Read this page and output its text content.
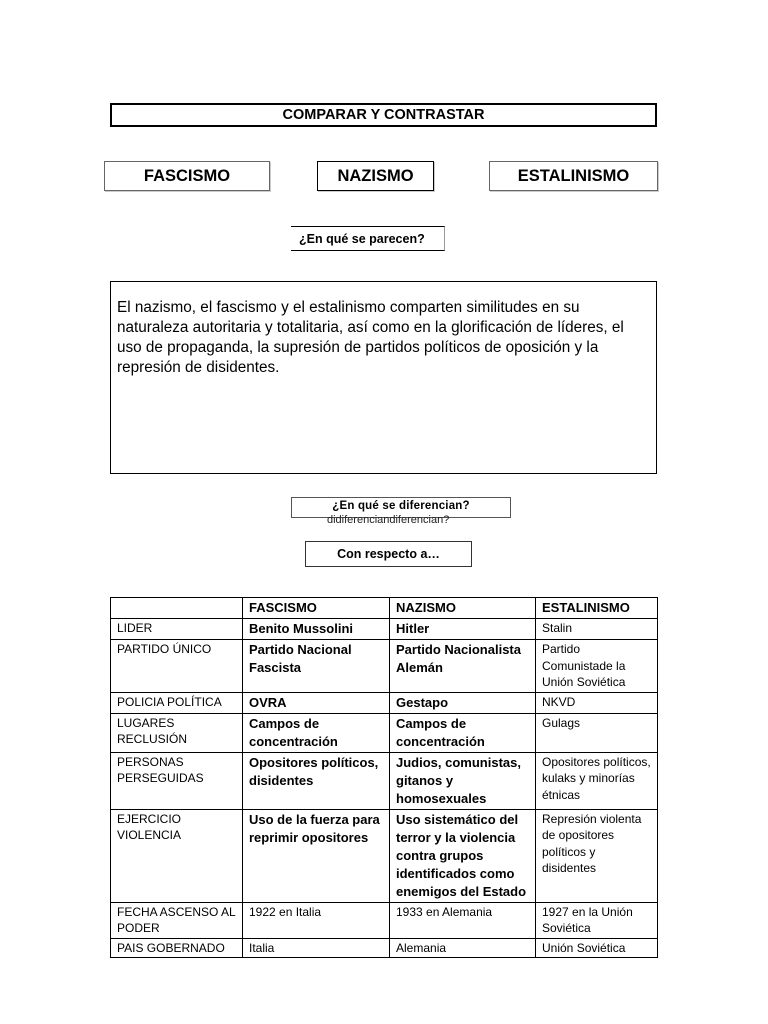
COMPARAR Y CONTRASTAR
FASCISMO	NAZISMO	ESTALINISMO
¿En qué se parecen?
El nazismo, el fascismo y el estalinismo comparten similitudes en su naturaleza autoritaria y totalitaria, así como en la glorificación de líderes, el uso de propaganda, la supresión de partidos políticos de oposición y la represión de disidentes.
¿En qué se diferencian?
didiferenciandiferencian?
Con respecto a…
	FASCISMO	NAZISMO	ESTALINISMO
LIDER	Benito Mussolini	Hitler	Stalin
PARTIDO ÚNICO	Partido Nacional Fascista	Partido Nacionalista Alemán	Partido Comunistade la Unión Soviética
POLICIA POLÍTICA	OVRA	Gestapo	NKVD
LUGARES RECLUSIÓN	Campos de concentración	Campos de concentración	Gulags
PERSONAS PERSEGUIDAS	Opositores políticos, disidentes	Judios, comunistas, gitanos y homosexuales	Opositores políticos, kulaks y minorías étnicas
EJERCICIO VIOLENCIA	Uso de la fuerza para reprimir opositores	Uso sistemático del terror y la violencia contra grupos identificados como enemigos del Estado	Represión violenta de opositores políticos y disidentes
FECHA ASCENSO AL PODER	1922 en Italia	1933 en Alemania	1927 en la Unión Soviética
PAIS GOBERNADO	Italia	Alemania	Unión Soviética
